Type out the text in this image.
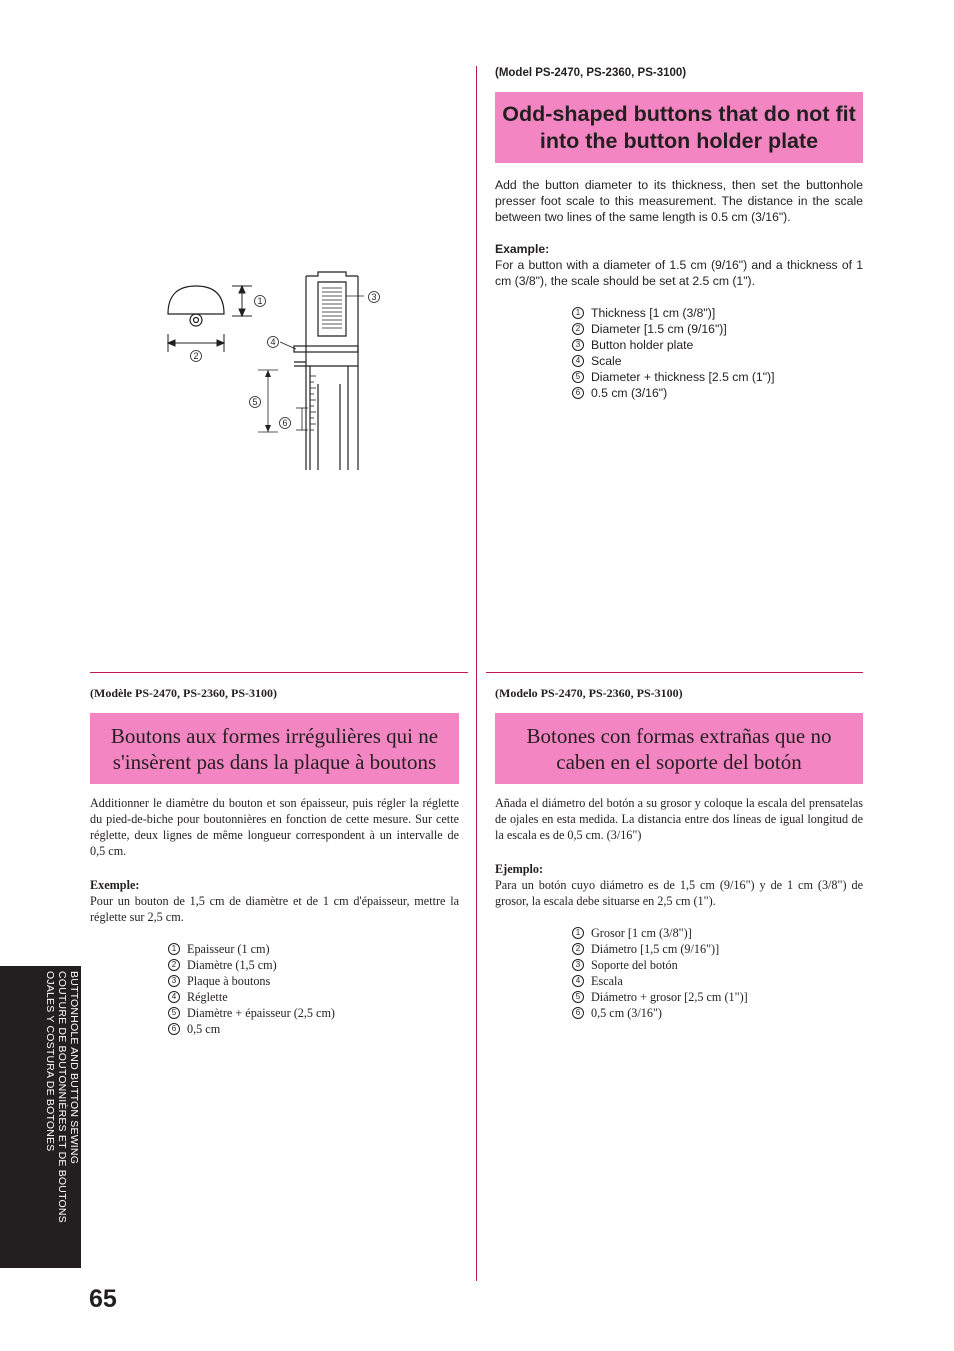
1
2
3
4
5
6
(Model PS-2470, PS-2360, PS-3100)
Odd-shaped buttons that do not fit into the button holder plate
Add the button diameter to its thickness, then set the buttonhole presser foot scale to this measurement. The distance in the scale between two lines of the same length is 0.5 cm (3/16").
Example:
For a button with a diameter of 1.5 cm (9/16") and a thickness of 1 cm (3/8"), the scale should be set at 2.5 cm (1").
1 Thickness [1 cm (3/8")]
2 Diameter [1.5 cm (9/16")]
3 Button holder plate
4 Scale
5 Diameter + thickness [2.5 cm (1")]
6 0.5 cm (3/16")
(Modèle PS-2470, PS-2360, PS-3100)
Boutons aux formes irrégulières qui ne s'insèrent pas dans la plaque à boutons
Additionner le diamètre du bouton et son épaisseur, puis régler la réglette du pied-de-biche pour boutonnières en fonction de cette mesure. Sur cette réglette, deux lignes de même longueur correspondent à un intervalle de 0,5 cm.
Exemple:
Pour un bouton de 1,5 cm de diamètre et de 1 cm d'épaisseur, mettre la réglette sur 2,5 cm.
1 Epaisseur (1 cm)
2 Diamètre (1,5 cm)
3 Plaque à boutons
4 Réglette
5 Diamètre + épaisseur (2,5 cm)
6 0,5 cm
(Modelo PS-2470, PS-2360, PS-3100)
Botones con formas extrañas que no caben en el soporte del botón
Añada el diámetro del botón a su grosor y coloque la escala del prensatelas de ojales en esta medida. La distancia entre dos líneas de igual longitud de la escala es de 0,5 cm. (3/16")
Ejemplo:
Para un botón cuyo diámetro es de 1,5 cm (9/16") y de 1 cm (3/8") de grosor, la escala debe situarse en 2,5 cm (1").
1 Grosor [1 cm (3/8")]
2 Diámetro [1,5 cm (9/16")]
3 Soporte del botón
4 Escala
5 Diámetro + grosor [2,5 cm (1")]
6 0,5 cm (3/16")
BUTTONHOLE AND BUTTON SEWING
COUTURE DE BOUTONNIÈRES ET DE BOUTONS
OJALES Y COSTURA DE BOTONES
65
